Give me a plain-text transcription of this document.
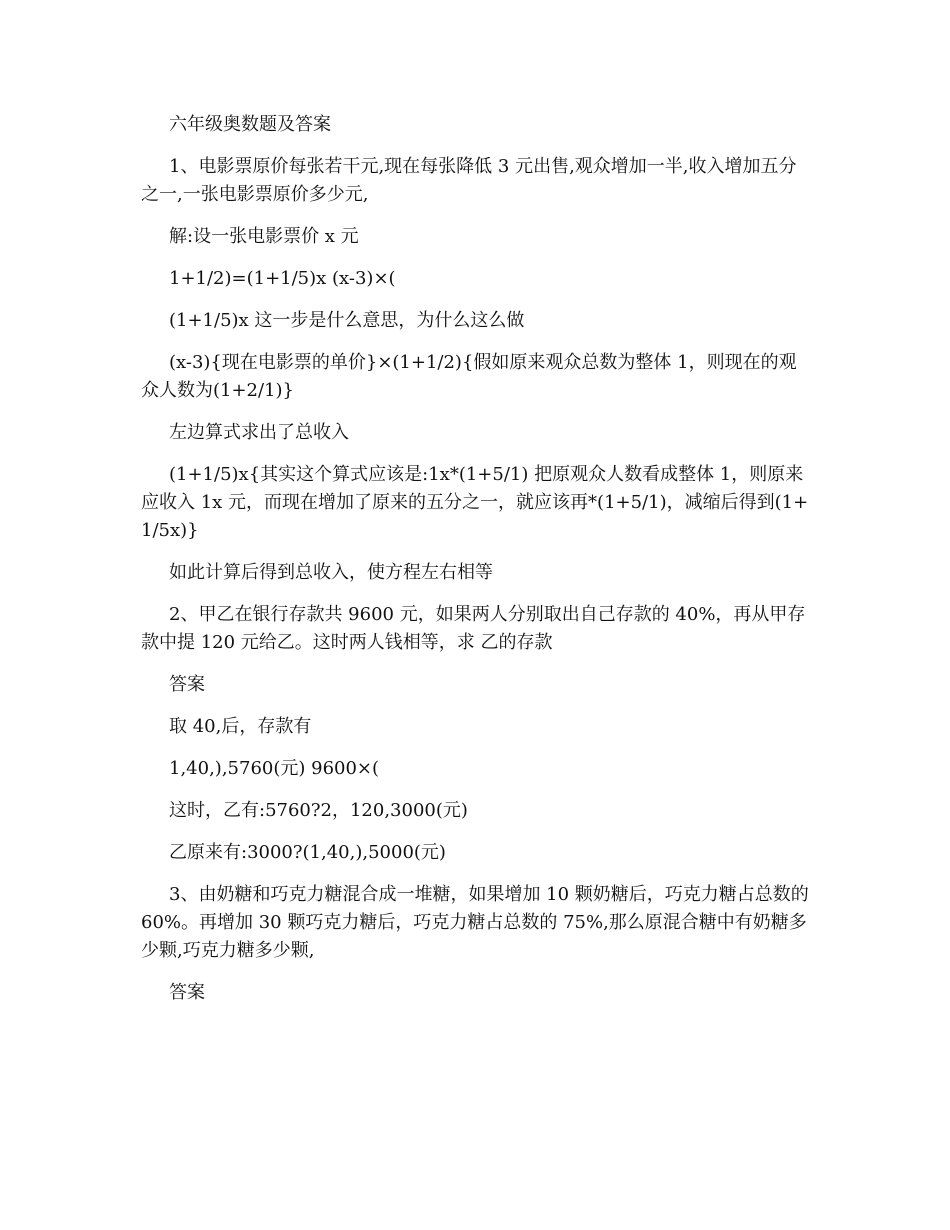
六年级奥数题及答案

1、电影票原价每张若干元,现在每张降低 3 元出售,观众增加一半,收入增加五分之一,一张电影票原价多少元,

解:设一张电影票价 x 元

1+1/2)=(1+1/5)x (x-3)×(

(1+1/5)x 这一步是什么意思，为什么这么做

(x-3){现在电影票的单价}×(1+1/2){假如原来观众总数为整体 1，则现在的观众人数为(1+2/1)}

左边算式求出了总收入

(1+1/5)x{其实这个算式应该是:1x*(1+5/1) 把原观众人数看成整体 1，则原来应收入 1x 元，而现在增加了原来的五分之一，就应该再*(1+5/1)，减缩后得到(1+1/5x)}

如此计算后得到总收入，使方程左右相等

2、甲乙在银行存款共 9600 元，如果两人分别取出自己存款的 40%，再从甲存款中提 120 元给乙。这时两人钱相等，求 乙的存款

答案

取 40,后，存款有

1,40,),5760(元) 9600×(

这时，乙有:5760?2，120,3000(元)

乙原来有:3000?(1,40,),5000(元)

3、由奶糖和巧克力糖混合成一堆糖，如果增加 10 颗奶糖后，巧克力糖占总数的 60%。再增加 30 颗巧克力糖后，巧克力糖占总数的 75%,那么原混合糖中有奶糖多少颗,巧克力糖多少颗,

答案
